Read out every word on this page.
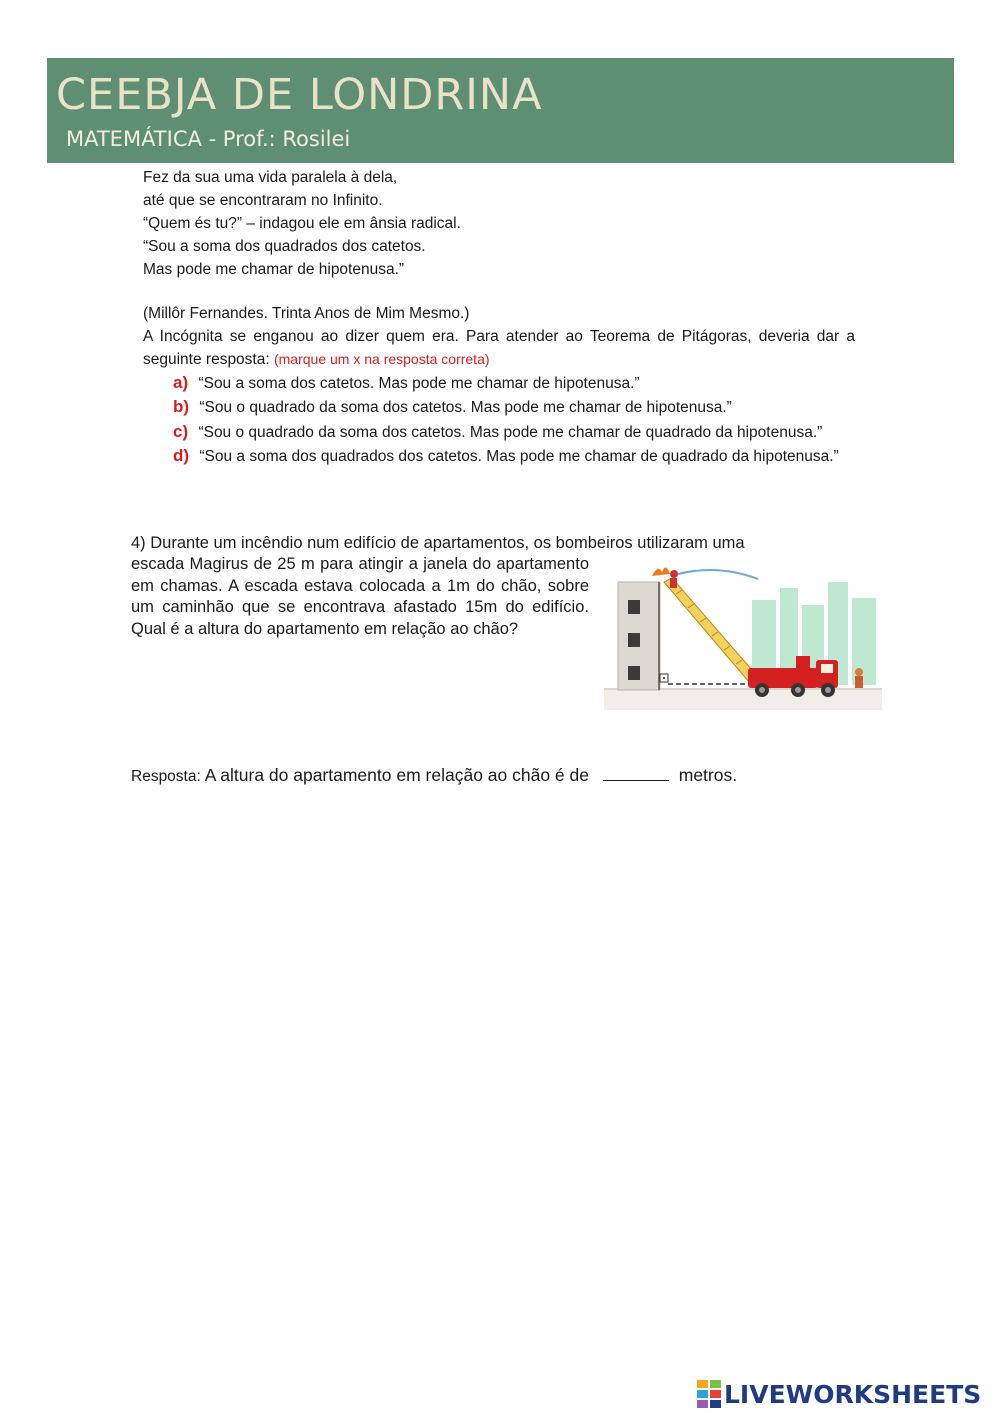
CEEBJA DE LONDRINA
MATEMÁTICA - Prof.: Rosilei
Fez da sua uma vida paralela à dela,
até que se encontraram no Infinito.
“Quem és tu?” – indagou ele em ânsia radical.
“Sou a soma dos quadrados dos catetos.
Mas pode me chamar de hipotenusa.”
(Millôr Fernandes. Trinta Anos de Mim Mesmo.)
A Incógnita se enganou ao dizer quem era. Para atender ao Teorema de Pitágoras, deveria dar a seguinte resposta: (marque um x na resposta correta)
a) “Sou a soma dos catetos. Mas pode me chamar de hipotenusa.”
b) “Sou o quadrado da soma dos catetos. Mas pode me chamar de hipotenusa.”
c) “Sou o quadrado da soma dos catetos. Mas pode me chamar de quadrado da hipotenusa.”
d) “Sou a soma dos quadrados dos catetos. Mas pode me chamar de quadrado da hipotenusa.”
4) Durante um incêndio num edifício de apartamentos, os bombeiros utilizaram uma
escada Magirus de 25 m para atingir a janela do apartamento em chamas. A escada estava colocada a 1m do chão, sobre um caminhão que se encontrava afastado 15m do edifício. Qual é a altura do apartamento em relação ao chão?
Resposta: A altura do apartamento em relação ao chão é de	metros.
LIVEWORKSHEETS
